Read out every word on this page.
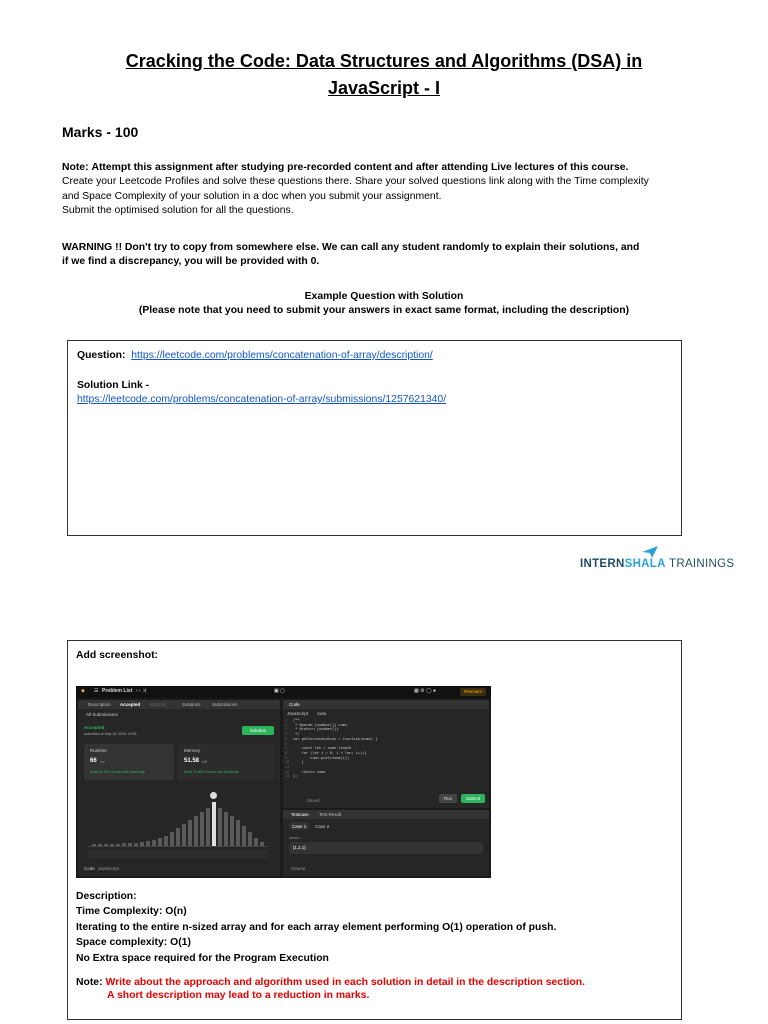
Cracking the Code: Data Structures and Algorithms (DSA) in
JavaScript - I
Marks - 100
Note: Attempt this assignment after studying pre-recorded content and after attending Live lectures of this course.
Create your Leetcode Profiles and solve these questions there. Share your solved questions link along with the Time complexity
and Space Complexity of your solution in a doc when you submit your assignment.
Submit the optimised solution for all the questions.
WARNING !! Don't try to copy from somewhere else. We can call any student randomly to explain their solutions, and
if we find a discrepancy, you will be provided with 0.
Example Question with Solution
(Please note that you need to submit your answers in exact same format, including the description)
Question: https://leetcode.com/problems/concatenation-of-array/description/
Solution Link -
https://leetcode.com/problems/concatenation-of-array/submissions/1257621340/
INTERNSHALA TRAININGS
Add screenshot:
◆ ☰ Problem List ‹ › ⤨	▣ ▢	▦ ⚙ ◯ ●	Premium
Description Accepted Editorial	Solutions	Submissions
All Submissions
Accepted
submitted at May 16, 2024 13:06
Solution
Runtime
66 ms
Beats 94.15% of users with JavaScript
Memory
51.58 MB
Beats 76.48% of users with JavaScript
Code JavaScript
Code
JavaScript Auto
1
2
3
4
5
6
7
8
9
10
11
12
13
/**
* @param {number[]} nums
* @return {number[]}
*/
var getConcatenation = function(nums) {

const len = nums.length
for (let i = 0; i < len; i++){
nums.push(nums[i])
}

return nums
};
Saved	Run	Submit
Testcase Test Result
Case 1 Case 2
nums =
[1,2,1]
Source
Description:
Time Complexity: O(n)
Iterating to the entire n-sized array and for each array element performing O(1) operation of push.
Space complexity: O(1)
No Extra space required for the Program Execution
Note: Write about the approach and algorithm used in each solution in detail in the description section.
A short description may lead to a reduction in marks.
